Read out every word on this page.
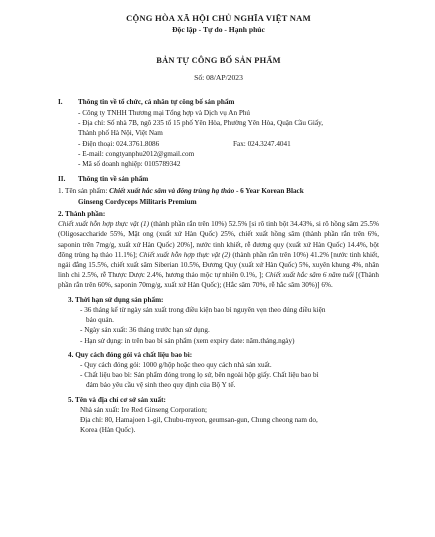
CỘNG HÒA XÃ HỘI CHỦ NGHĨA VIỆT NAM
Độc lập - Tự do - Hạnh phúc
BẢN TỰ CÔNG BỐ SẢN PHẨM
Số: 08/AP/2023
I.	Thông tin về tổ chức, cá nhân tự công bố sản phẩm
- Công ty TNHH Thương mại Tổng hợp và Dịch vụ An Phú
- Địa chỉ: Số nhà 7B, ngõ 235 tổ 15 phố Yên Hòa, Phường Yên Hòa, Quận Cầu Giấy,
Thành phố Hà Nội, Việt Nam
- Điện thoại: 024.3761.8086	Fax: 024.3247.4041
- E-mail: congtyanphu2012@gmail.com
- Mã số doanh nghiệp: 0105789342
II.	Thông tin về sản phẩm
1. Tên sản phẩm: Chiết xuất hắc sâm và đông trùng hạ thảo - 6 Year Korean Black
Ginseng Cordyceps Militaris Premium
2. Thành phần:
Chiết xuất hỗn hợp thực vật (1) (thành phần rắn trên 10%) 52.5% [si rô tinh bột 34.43%, si rô hồng sâm 25.5% (Oligosaccharide 55%, Mật ong (xuất xứ Hàn Quốc) 25%, chiết xuất hồng sâm (thành phần rắn trên 6%, saponin trên 7mg/g, xuất xứ Hàn Quốc) 20%], nước tinh khiết, rễ đương quy (xuất xứ Hàn Quốc) 14.4%, bột đông trùng hạ thảo 11.1%]; Chiết xuất hỗn hợp thực vật (2) (thành phần rắn trên 10%) 41.2% [nước tinh khiết, ngải đắng 15.5%, chiết xuất sâm Siberian 10.5%, Đương Quy (xuất xứ Hàn Quốc) 5%, xuyên khung 4%, nhân linh chi 2.5%, rễ Thược Dược 2.4%, hương thảo mộc tự nhiên 0.1%, ]; Chiết xuất hắc sâm 6 năm tuổi [(Thành phần rắn trên 60%, saponin 70mg/g, xuất xứ Hàn Quốc); (Hắc sâm 70%, rễ hắc sâm 30%)] 6%.
3. Thời hạn sử dụng sản phẩm:
- 36 tháng kể từ ngày sản xuất trong điều kiện bao bì nguyên vẹn theo đúng điều kiện
bảo quản.
- Ngày sản xuất: 36 tháng trước hạn sử dụng.
- Hạn sử dụng: in trên bao bì sản phẩm (xem expiry date: năm.tháng.ngày)
4. Quy cách đóng gói và chất liệu bao bì:
- Quy cách đóng gói: 1000 g/hộp hoặc theo quy cách nhà sản xuất.
- Chất liệu bao bì: Sản phẩm đóng trong lọ sứ, bên ngoài hộp giấy. Chất liệu bao bì
đảm bảo yêu cầu vệ sinh theo quy định của Bộ Y tế.
5. Tên và địa chỉ cơ sở sản xuất:
Nhà sản xuất: Ire Red Ginseng Corporation;
Địa chỉ: 80, Hamajoen 1-gil, Chubu-myeon, geumsan-gun, Chung cheong nam do,
Korea (Hàn Quốc).
